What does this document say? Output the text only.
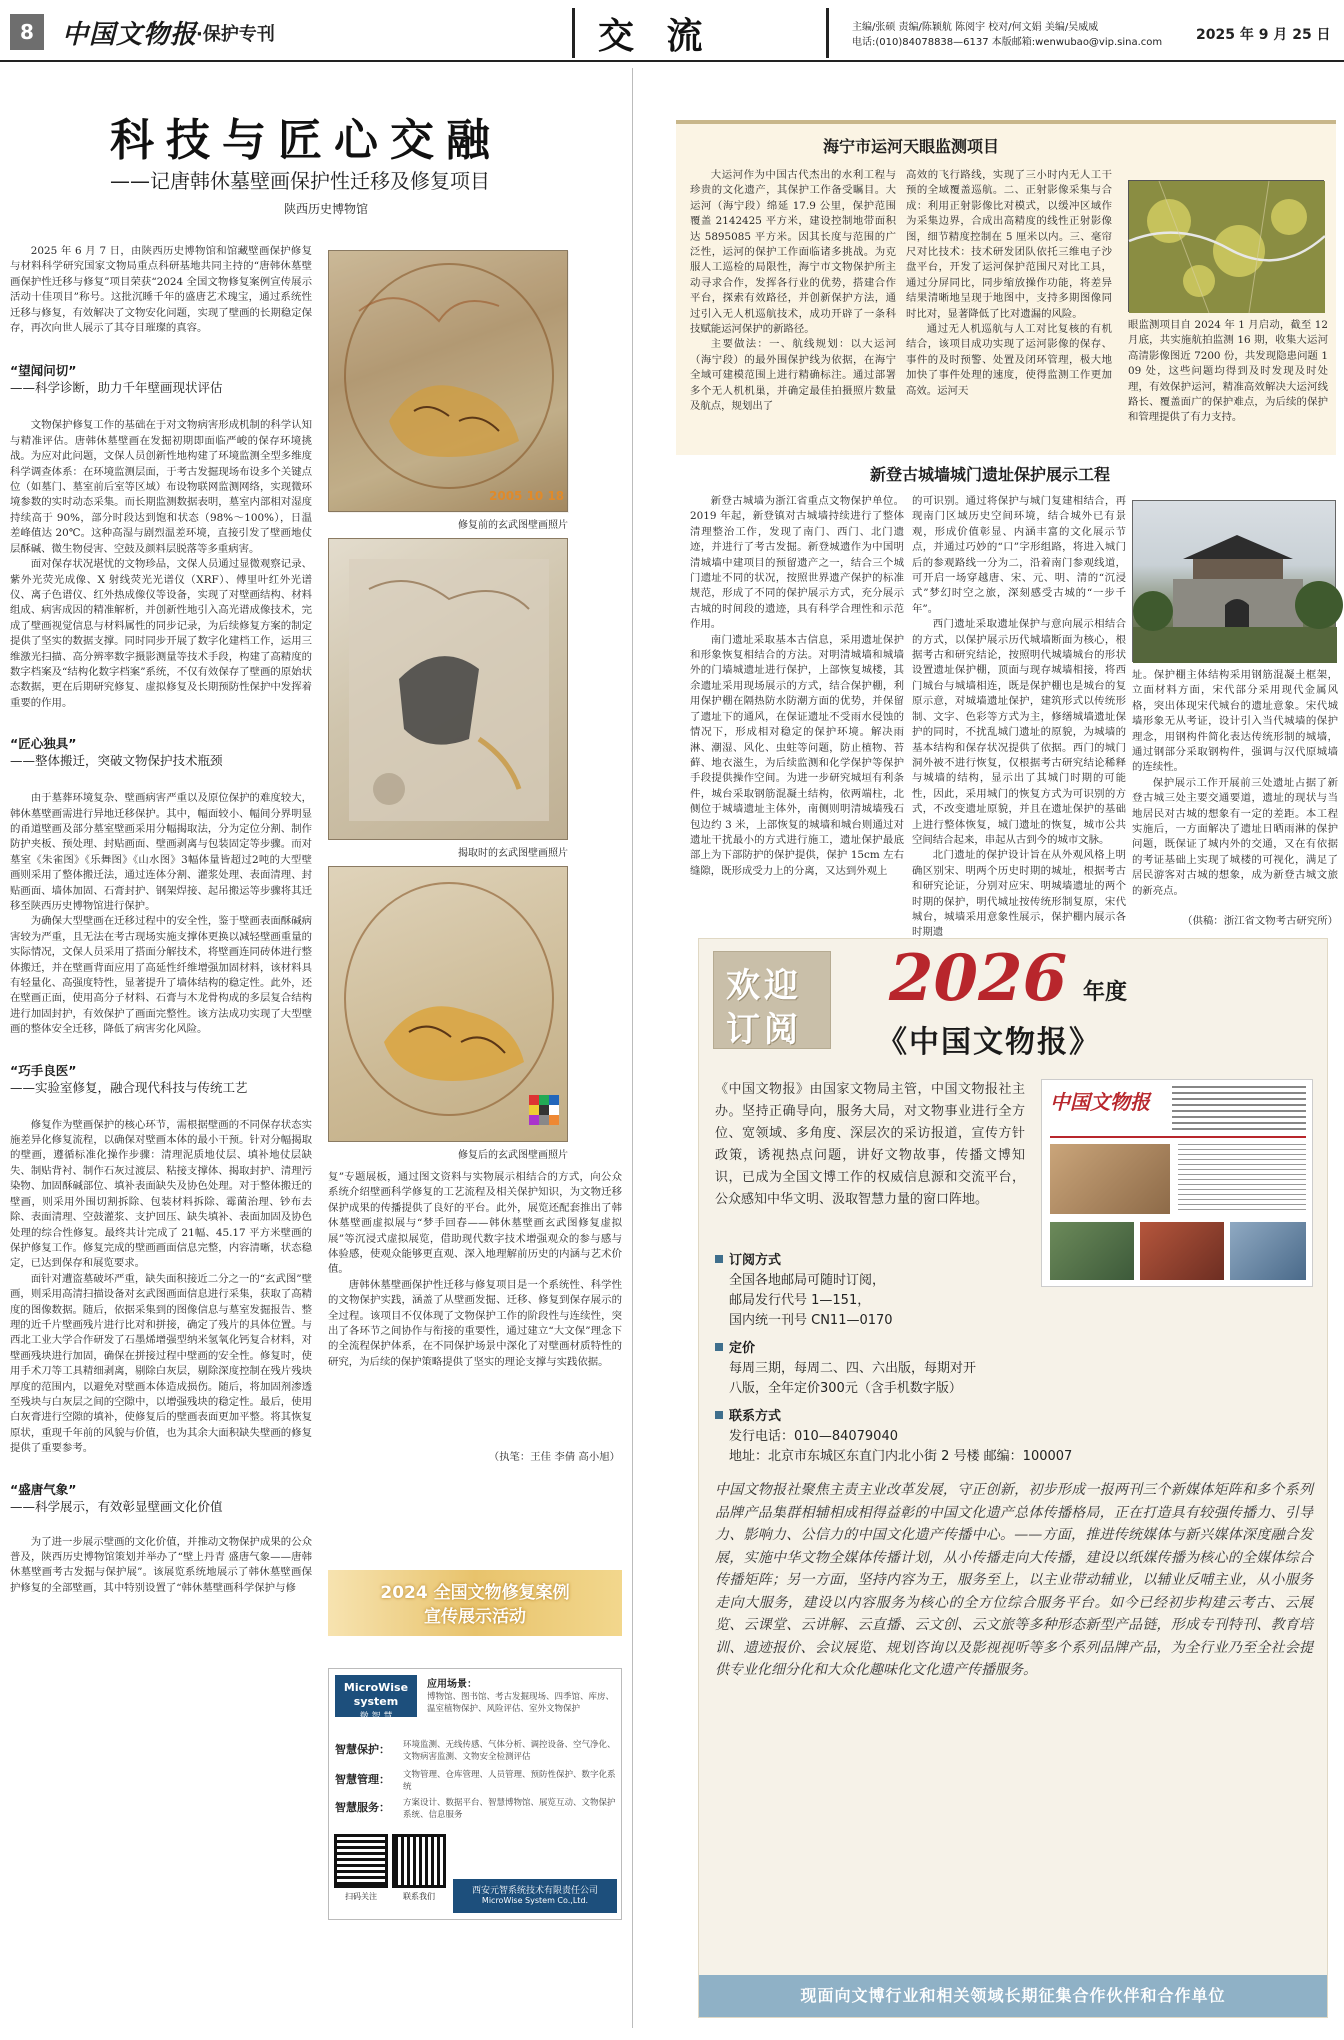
8	中国文物报
·保护专刊	交 流	主编/张硕 责编/陈颖航 陈阅宇 校对/何文娟 美编/吴威威
电话:(010)84078838—6137 本版邮箱:wenwubao@vip.sina.com 2025 年 9 月 25 日
科技与匠心交融
——记唐韩休墓壁画保护性迁移及修复项目
陕西历史博物馆

2025 年 6 月 7 日，由陕西历史博物馆和馆藏壁画保护修复与材料科学研究国家文物局重点科研基地共同主持的“唐韩休墓壁画保护性迁移与修复”项目荣获“2024 全国文物修复案例宣传展示活动十佳项目”称号。这批沉睡千年的盛唐艺术瑰宝，通过系统性迁移与修复，有效解决了文物安化问题，实现了壁画的长期稳定保存，再次向世人展示了其夺目璀璨的真容。

“望闻问切”
——科学诊断，助力千年壁画现状评估

文物保护修复工作的基础在于对文物病害形成机制的科学认知与精准评估。唐韩休墓壁画在发掘初期即面临严峻的保存环境挑战。为应对此问题，文保人员创新性地构建了环境监测全型多维度科学调查体系：在环境监测层面，于考古发掘现场布设多个关键点位（如墓门、墓室前后室等区域）布设物联网监测网络，实现微环境参数的实时动态采集。而长期监测数据表明，墓室内部相对湿度持续高于 90%，部分时段达到饱和状态（98%～100%），日温差峰值达 20℃。这种高湿与剧烈温差环境，直接引发了壁画地仗层酥碱、微生物侵害、空鼓及颜料层脱落等多重病害。

面对保存状况堪忧的文物珍品，文保人员通过显微观察记录、紫外光荧光成像、X 射线荧光光谱仪（XRF）、傅里叶红外光谱仪、离子色谱仪、红外热成像仪等设备，实现了对壁画结构、材料组成、病害成因的精准解析，并创新性地引入高光谱成像技术，完成了壁画视觉信息与材料属性的同步记录，为后续修复方案的制定提供了坚实的数据支撑。同时同步开展了数字化建档工作，运用三维激光扫描、高分辨率数字摄影测量等技术手段，构建了高精度的数字档案及“结构化数字档案”系统，不仅有效保存了壁画的原始状态数据，更在后期研究修复、虚拟修复及长期预防性保护中发挥着重要的作用。

“匠心独具”
——整体搬迁，突破文物保护技术瓶颈

由于墓葬环境复杂、壁画病害严重以及原位保护的难度较大，韩休墓壁画需进行异地迁移保护。其中，幅面较小、幅间分界明显的甬道壁画及部分墓室壁画采用分幅揭取法，分为定位分割、制作防护夹板、预处理、封贴画面、壁画剥离与包装固定等步骤。而对墓室《朱雀图》《乐舞图》《山水图》3幅体量皆超过2吨的大型壁画则采用了整体搬迁法，通过连体分割、灌浆处理、表面清理、封贴画面、墙体加固、石膏封护、钢架焊接、起吊搬运等步骤将其迁移至陕西历史博物馆进行保护。

为确保大型壁画在迁移过程中的安全性，鉴于壁画表面酥碱病害较为严重，且无法在考古现场实施支撑体更换以减轻壁画重量的实际情况，文保人员采用了搭面分解技术，将壁画连同砖体进行整体搬迁，并在壁画背面应用了高延性纤维增强加固材料，该材料具有轻量化、高强度特性，显著提升了墙体结构的稳定性。此外，还在壁画正面，使用高分子材料、石膏与木龙骨构成的多层复合结构进行加固封护，有效保护了画面完整性。该方法成功实现了大型壁画的整体安全迁移，降低了病害劣化风险。

“巧手良医”
——实验室修复，融合现代科技与传统工艺

修复作为壁画保护的核心环节，需根据壁画的不同保存状态实施差异化修复流程，以确保对壁画本体的最小干预。针对分幅揭取的壁画，遵循标准化操作步骤：清理泥质地仗层、填补地仗层缺失、制贴背衬、制作石灰过渡层、粘接支撑体、揭取封护、清理污染物、加固酥碱部位、填补表面缺失及协色处理。对于整体搬迁的壁画，则采用外围切割拆除、包装材料拆除、霉菌治理、钞布去除、表面清理、空鼓灌浆、支护回压、缺失填补、表面加固及协色处理的综合性修复。最终共计完成了 21幅、45.17 平方米壁画的保护修复工作。修复完成的壁画画面信息完整，内容清晰，状态稳定，已达到保存和展览要求。

面针对遭盗墓破坏严重，缺失面积接近二分之一的“玄武图”壁画，则采用高清扫描设备对玄武图画面信息进行采集，获取了高精度的图像数据。随后，依据采集到的图像信息与墓室发掘报告、整理的近千片壁画残片进行比对和拼接，确定了残片的具体位置。与西北工业大学合作研发了石墨烯增强型纳米氢氧化钙复合材料，对壁画残块进行加固，确保在拼接过程中壁画的安全性。修复时，使用手术刀等工具精细剥离，剔除白灰层，剔除深度控制在残片残块厚度的范围内，以避免对壁画本体造成损伤。随后，将加固剂渗透至残块与白灰层之间的空隙中，以增强残块的稳定性。最后，使用白灰膏进行空隙的填补，使修复后的壁画表面更加平整。将其恢复原状，重现千年前的风貌与价值，也为其余大面积缺失壁画的修复提供了重要参考。

“盛唐气象”
——科学展示，有效彰显壁画文化价值

为了进一步展示壁画的文化价值，并推动文物保护成果的公众普及，陕西历史博物馆策划并举办了“壁上丹青 盛唐气象——唐韩休墓壁画考古发掘与保护展”。该展览系统地展示了韩休墓壁画保护修复的全部壁画，其中特别设置了“韩休墓壁画科学保护与修

2005 10 18
修复前的玄武图壁画照片
揭取时的玄武图壁画照片
修复后的玄武图壁画照片

复”专题展板，通过图文资料与实物展示相结合的方式，向公众系统介绍壁画科学修复的工艺流程及相关保护知识，为文物迁移保护成果的传播提供了良好的平台。此外，展览还配套推出了韩休墓壁画虚拟展与“梦手回春——韩休墓壁画玄武图修复虚拟展”等沉浸式虚拟展览，借助现代数字技术增强观众的参与感与体验感，使观众能够更直观、深入地理解前历史的内涵与艺术价值。

唐韩休墓壁画保护性迁移与修复项目是一个系统性、科学性的文物保护实践，涵盖了从壁画发掘、迁移、修复到保存展示的全过程。该项目不仅体现了文物保护工作的阶段性与连续性，突出了各环节之间协作与衔接的重要性，通过建立“大文保”理念下的全流程保护体系，在不同保护场景中深化了对壁画材质特性的研究，为后续的保护策略提供了坚实的理论支撑与实践依据。

（执笔：王佳 李倩 高小旭）
2024 全国文物修复案例
宣传展示活动
MicroWise system
微 智 慧
应用场景：
博物馆、图书馆、考古发掘现场、四季馆、库房、温室植物保护、风险评估、室外文物保护
智慧保护： 环境监测、无线传感、气体分析、调控设备、空气净化、文物病害监测、文物安全检测评估
智慧管理： 文物管理、仓库管理、人员管理、预防性保护、数字化系统
智慧服务： 方案设计、数据平台、智慧博物馆、展览互动、文物保护系统、信息服务
扫码关注	联系我们
西安元智系统技术有限责任公司
MicroWise System Co.,Ltd.
海宁市运河天眼监测项目

大运河作为中国古代杰出的水利工程与珍贵的文化遗产，其保护工作备受瞩目。大运河（海宁段）绵延 17.9 公里，保护范围覆盖 2142425 平方米，建设控制地带面积达 5895085 平方米。因其长度与范围的广泛性，运河的保护工作面临诸多挑战。为克服人工巡检的局限性，海宁市文物保护所主动寻求合作，发挥各行业的优势，搭建合作平台，探索有效路径，并创新保护方法，通过引入无人机巡航技术，成功开辟了一条科技赋能运河保护的新路径。

主要做法：一、航线规划：以大运河（海宁段）的最外围保护线为依据，在海宁全域可建模范围上进行精确标注。通过部署多个无人机机巢，并确定最佳拍摄照片数量及航点，规划出了

高效的飞行路线，实现了三小时内无人工干预的全域覆盖巡航。二、正射影像采集与合成：利用正射影像比对模式，以缓冲区域作为采集边界，合成出高精度的线性正射影像图，细节精度控制在 5 厘米以内。三、毫帘尺对比技术：技术研发团队依托三维电子沙盘平台，开发了运河保护范围尺对比工具，通过分屏同比，同步缩放操作功能，将差异结果清晰地呈现于地图中，支持多期图像同时比对，显著降低了比对遗漏的风险。

通过无人机巡航与人工对比复核的有机结合，该项目成功实现了运河影像的保存、事件的及时预警、处置及闭环管理，极大地加快了事件处理的速度，使得监测工作更加高效。运河天

眼监测项目自 2024 年 1 月启动，截至 12 月底，共实施航拍监测 16 期，收集大运河高清影像图近 7200 份，共发现隐患问题 109 处，这些问题均得到及时发现及时处理，有效保护运河，精准高效解决大运河线路长、覆盖面广的保护难点，为后续的保护和管理提供了有力支持。
新登古城墙城门遗址保护展示工程

新登古城墙为浙江省重点文物保护单位。2019 年起，新登镇对古城墙持续进行了整体清理整治工作，发现了南门、西门、北门遗迹，并进行了考古发掘。新登城遗作为中国明清城墙中建项目的预留遗产之一，结合三个城门遗址不同的状况，按照世界遗产保护的标准规范，形成了不同的保护展示方式，充分展示古城的时间段的遗迹，具有科学合理性和示范作用。

南门遗址采取基本古信息，采用遗址保护和形象恢复相结合的方法。对明清城墙和城墙外的门墙城遗址进行保护，上部恢复城楼，其余遗址采用现场展示的方式，结合保护棚，利用保护棚在隔热防水防潮方面的优势，并保留了遗址下的通风，在保证遗址不受雨水侵蚀的情况下，形成相对稳定的保护环境。解决雨淋、潮湿、风化、虫蛀等问题，防止植物、苔藓、地衣滋生，为后续监测和化学保护等保护手段提供操作空间。为进一步研究城垣有利条件，城台采取钢筋混凝土结构，依两端柱，北侧位于城墙遗址主体外，南侧则明清城墙残石包边约 3 米，上部恢复的城墙和城台则通过对遗址干扰最小的方式进行施工，遗址保护最底部上为下部防护的保护提供，保护 15cm 左右缝隙，既形成受力上的分离，又达到外观上

的可识别。通过将保护与城门复建相结合，再现南门区域历史空间环境，结合城外已有景观，形成价值彰显、内涵丰富的文化展示节点，并通过巧妙的“口”字形组路，将进入城门后的参观路线一分为二，沿着南门参观线道，可开启一场穿越唐、宋、元、明、清的“沉浸式”梦幻时空之旅，深刻感受古城的“一步千年”。

西门遗址采取遗址保护与意向展示相结合的方式，以保护展示历代城墙断面为核心，根据考古和研究结论，按照明代城墙城台的形状设置遗址保护棚，顶面与现存城墙相接，将西门城台与城墙相连，既是保护棚也是城台的复原示意，对城墙遗址保护，建筑形式以传统形制、文字、色彩等方式为主，修缮城墙遗址保护的同时，不扰乱城门遗址的原貌，为城墙的基本结构和保存状况提供了依据。西门的城门洞外被不进行恢复，仅根据考古研究结论稀释与城墙的结构，显示出了其城门时期的可能性，因此，采用城门的恢复方式为可识别的方式，不改变遗址原貌，并且在遗址保护的基础上进行整体恢复，城门遗址的恢复，城市公共空间结合起来，串起从古到今的城市文脉。

北门遗址的保护设计旨在从外观风格上明确区别宋、明两个历史时期的城址，根据考古和研究论证，分别对应宋、明城墙遗址的两个时期的保护，明代城址按传统形制复原，宋代城台，城墙采用意象性展示，保护棚内展示各时期遗

址。保护棚主体结构采用钢筋混凝土框架，立面材料方面，宋代部分采用现代金属风格，突出体现宋代城台的遗址意象。宋代城墙形象无从考证，设计引入当代城墙的保护理念，用钢构件简化表达传统形制的城墙，通过钢部分采取钢构件，强调与汉代原城墙的连续性。

保护展示工作开展前三处遗址占据了新登古城三处主要交通要道，遗址的现状与当地居民对古城的想象有一定的差距。本工程实施后，一方面解决了遗址日晒雨淋的保护问题，既保证了城内外的交通，又在有依据的考证基础上实现了城楼的可视化，满足了居民游客对古城的想象，成为新登古城文旅的新亮点。

（供稿：浙江省文物考古研究所）
欢迎
订阅
2026 年度
《中国文物报》
《中国文物报》由国家文物局主管，中国文物报社主办。坚持正确导向，服务大局，对文物事业进行全方位、宽领域、多角度、深层次的采访报道，宣传方针政策，诱视热点问题，讲好文物故事，传播文博知识，已成为全国文博工作的权威信息源和交流平台，公众感知中华文明、汲取智慧力量的窗口阵地。
中国文物报
订阅方式
全国各地邮局可随时订阅，
邮局发行代号 1—151，
国内统一刊号 CN11—0170
定价
每周三期，每周二、四、六出版，每期对开
八版，全年定价300元（含手机数字版）
联系方式
发行电话：010—84079040
地址：北京市东城区东直门内北小街 2 号楼 邮编：100007
中国文物报社聚焦主责主业改革发展，守正创新，初步形成一报两刊三个新媒体矩阵和多个系列品牌产品集群相辅相成相得益彰的中国文化遗产总体传播格局，正在打造具有较强传播力、引导力、影响力、公信力的中国文化遗产传播中心。——方面，推进传统媒体与新兴媒体深度融合发展，实施中华文物全媒体传播计划，从小传播走向大传播，建设以纸媒传播为核心的全媒体综合传播矩阵；另一方面，坚持内容为王，服务至上，以主业带动辅业，以辅业反哺主业，从小服务走向大服务，建设以内容服务为核心的全方位综合服务平台。如今已经初步构建云考古、云展览、云课堂、云讲解、云直播、云文创、云文旅等多种形态新型产品链，形成专刊特刊、教育培训、遗迹报价、会议展览、规划咨询以及影视视听等多个系列品牌产品，为全行业乃至全社会提供专业化细分化和大众化趣味化文化遗产传播服务。
现面向文博行业和相关领域长期征集合作伙伴和合作单位
